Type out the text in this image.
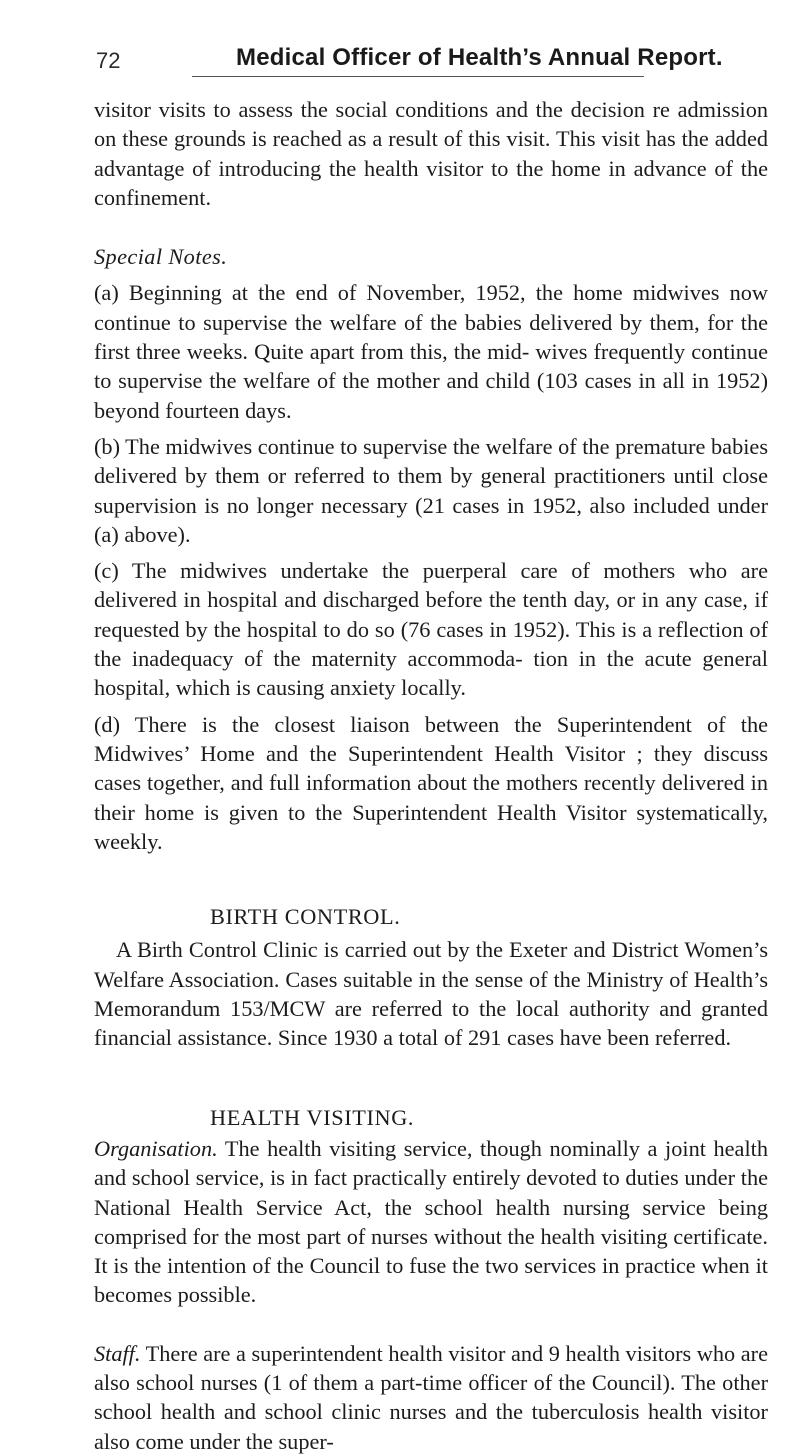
72	Medical Officer of Health’s Annual Report.

visitor visits to assess the social conditions and the decision re admission on these grounds is reached as a result of this visit. This visit has the added advantage of introducing the health visitor to the home in advance of the confinement.

Special Notes.

(a) Beginning at the end of November, 1952, the home midwives now continue to supervise the welfare of the babies delivered by them, for the first three weeks. Quite apart from this, the mid- wives frequently continue to supervise the welfare of the mother and child (103 cases in all in 1952) beyond fourteen days.

(b) The midwives continue to supervise the welfare of the premature babies delivered by them or referred to them by general practitioners until close supervision is no longer necessary (21 cases in 1952, also included under (a) above).

(c) The midwives undertake the puerperal care of mothers who are delivered in hospital and discharged before the tenth day, or in any case, if requested by the hospital to do so (76 cases in 1952). This is a reflection of the inadequacy of the maternity accommoda- tion in the acute general hospital, which is causing anxiety locally.

(d) There is the closest liaison between the Superintendent of the Midwives’ Home and the Superintendent Health Visitor ; they discuss cases together, and full information about the mothers recently delivered in their home is given to the Superintendent Health Visitor systematically, weekly.

BIRTH CONTROL.

A Birth Control Clinic is carried out by the Exeter and District Women’s Welfare Association. Cases suitable in the sense of the Ministry of Health’s Memorandum 153/MCW are referred to the local authority and granted financial assistance. Since 1930 a total of 291 cases have been referred.

HEALTH VISITING.

Organisation. The health visiting service, though nominally a joint health and school service, is in fact practically entirely devoted to duties under the National Health Service Act, the school health nursing service being comprised for the most part of nurses without the health visiting certificate. It is the intention of the Council to fuse the two services in practice when it becomes possible.

Staff. There are a superintendent health visitor and 9 health visitors who are also school nurses (1 of them a part-time officer of the Council). The other school health and school clinic nurses and the tuberculosis health visitor also come under the super-
